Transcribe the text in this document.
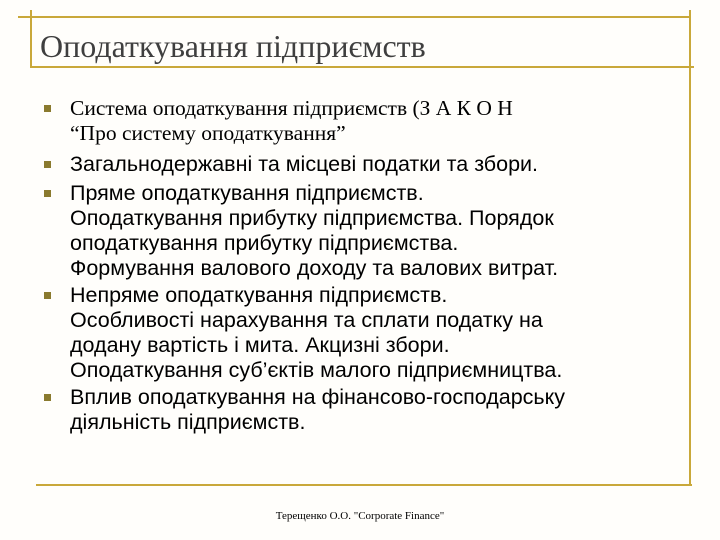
Оподаткування підприємств
Система оподаткування підприємств (З А К О Н
“Про систему оподаткування”
Загальнодержавні та місцеві податки та збори.
Пряме оподаткування підприємств.
Оподаткування прибутку підприємства. Порядок
оподаткування прибутку підприємства.
Формування валового доходу та валових витрат.
Непряме оподаткування підприємств.
Особливості нарахування та сплати податку на
додану вартість і мита. Акцизні збори.
Оподаткування суб’єктів малого підприємництва.
Вплив оподаткування на фінансово-господарську
діяльність підприємств.
Терещенко О.О. "Corporate Finance"
